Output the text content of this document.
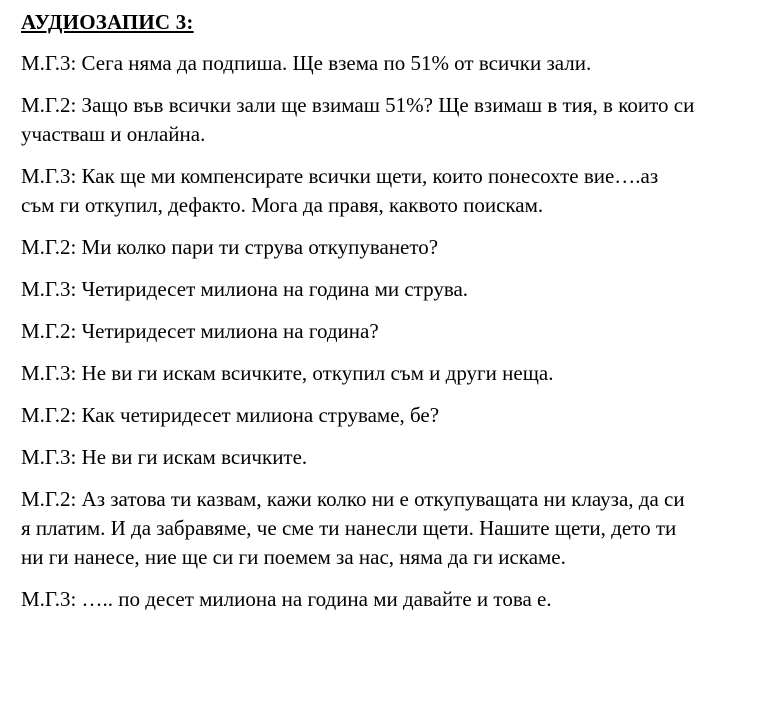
АУДИОЗАПИС 3:
М.Г.3: Сега няма да подпиша. Ще взема по 51% от всички зали.
М.Г.2: Защо във всички зали ще взимаш 51%? Ще взимаш в тия, в които си
участваш и онлайна.
М.Г.3: Как ще ми компенсирате всички щети, които понесохте вие….аз
съм ги откупил, дефакто. Мога да правя, каквото поискам.
М.Г.2: Ми колко пари ти струва откупуването?
М.Г.3: Четиридесет милиона на година ми струва.
М.Г.2: Четиридесет милиона на година?
М.Г.3: Не ви ги искам всичките, откупил съм и други неща.
М.Г.2: Как четиридесет милиона струваме, бе?
М.Г.3: Не ви ги искам всичките.
М.Г.2: Аз затова ти казвам, кажи колко ни е откупуващата ни клауза, да си
я платим. И да забравяме, че сме ти нанесли щети. Нашите щети, дето ти
ни ги нанесе, ние ще си ги поемем за нас, няма да ги искаме.
М.Г.3: ….. по десет милиона на година ми давайте и това е.
